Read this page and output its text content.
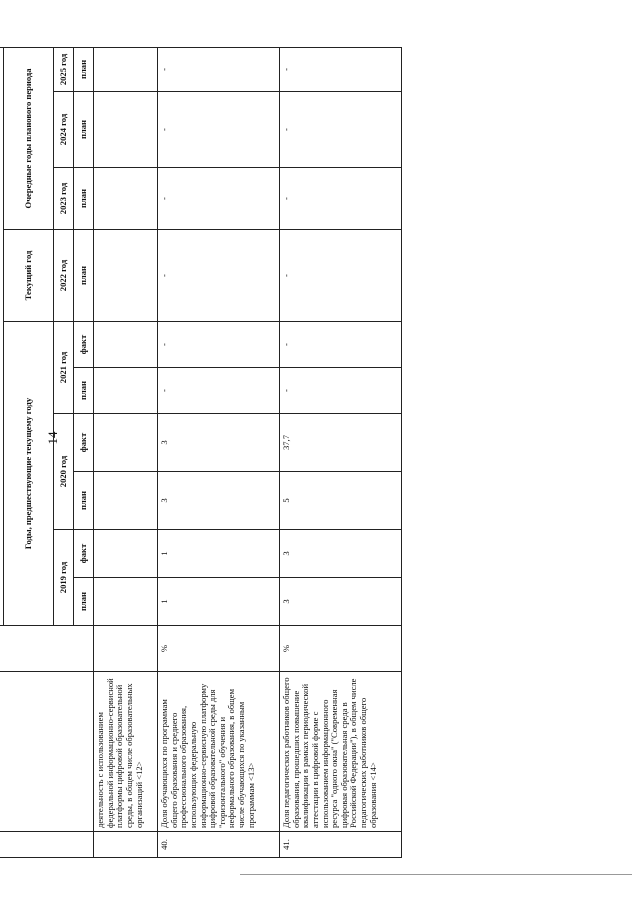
14

			Годы, предшествующие текущему году						Текущий год	Очередные годы планового периода		
			2019 год		2020 год		2021 год		2022 год	2023 год	2024 год	2025 год
			план	факт	план	факт	план	факт	план	план	план	план
	деятельность с использованием федеральной информационно-сервисной платформы цифровой образовательной среды, в общем числе образовательных организаций <12>											
40.	Доля обучающихся по программам общего образования и среднего профессионального образования, использующих федеральную информационно-сервисную платформу цифровой образовательной среды для "горизонтального" обучения и неформального образования, в общем числе обучающихся по указанным программам <13>	%	1	1	3	3	-	-	-	-	-	-
41.	Доля педагогических работников общего образования, прошедших повышение квалификации в рамках периодической аттестации в цифровой форме с использованием информационного ресурса "одного окна" ("Современная цифровая образовательная среда в Российской Федерации"), в общем числе педагогических работников общего образования <14>	%	3	3	5	37,7	-	-	-	-	-	-
